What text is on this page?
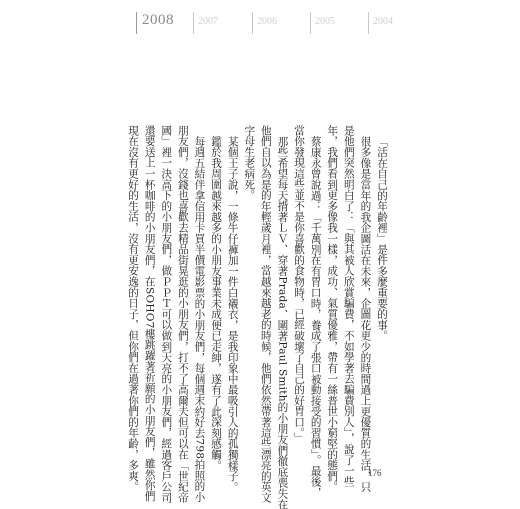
2008 2007	2006	2005	2004

「活在自己的年齡裡」是件多麼重要的事。

很多像是當年的我企圖活在未來，企圖花更少的時間過上更優質的生活，只

是他們突然明白了：「與其被人欣賞騙費，不如學著去騙費別人」，說了一些

年，我們看到更多像我一樣，成功、氣質優雅，帶有一絲普世小窮堅的態們。

蔡康永曾說過：「千萬別在有胃口時，養成了張口被動接受的習慣」。最後，

當你發現這些並不是你喜歡的食物時，已經破壞了自己的好胃口。」

那些希望每天揹著ＬＶ、穿著Prada、圍著Paul Smith的小朋友們徹底喪失在

他們自以為是的年輕歲月裡，當越來越老的時候，他們依然帶著這些漂亮的英文

字母生老病死。

某個王子說，一條牛仔褲加一件白襯衣，是我印象中最吸引人的孤獨樣子。

鑑於我周圍越來越多的小朋友事業未成便已走紳，遂有了此深刻感觸。

每週五結伴拿信用卡買半價電影票的小朋友們，每個週末約好去798拍照的小

朋友們，沒錢也喜歡去精品街晃逛的小朋友們，打不了高爾夫但可以在「世紀帝

國」裡一決高下的小朋友們，做ＰＰＴ可以做到天亮的小朋友們，經過客戶公司

還要送上一杯咖啡的小朋友們，在SOHO7樓跳躍著祈願的小朋友們，雖然你們

現在沒有更好的生活，沒有更安逸的日子，但你們在過著你們的年齡，多爽。	176
